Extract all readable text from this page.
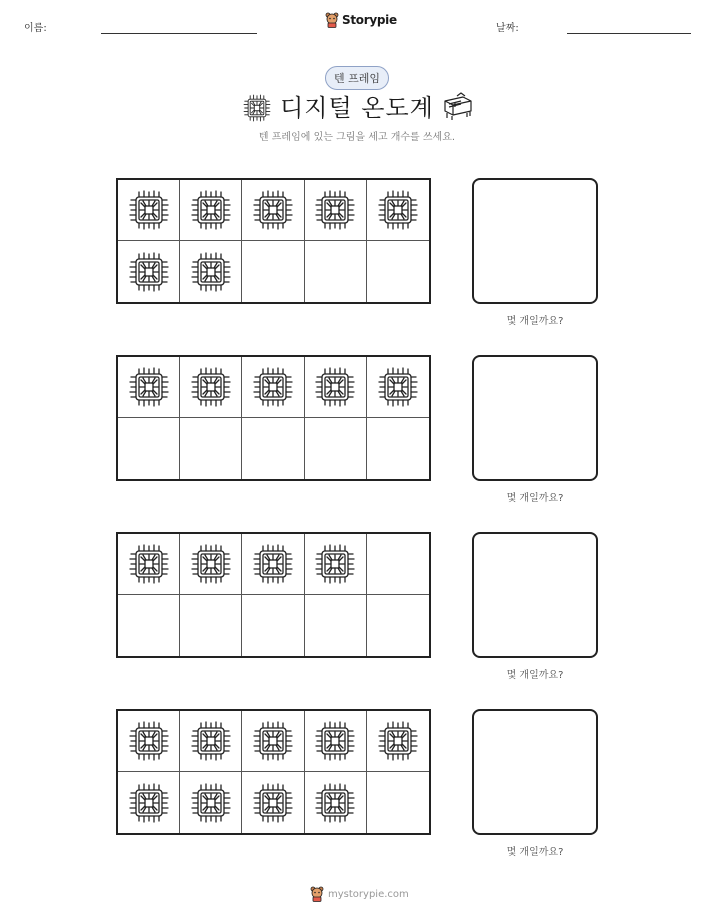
이름:	날짜:
Storypie
텐 프레임
디지털 온도계
텐 프레임에 있는 그림을 세고 개수를 쓰세요.
몇 개일까요?
몇 개일까요?
몇 개일까요?
몇 개일까요?
mystorypie.com
